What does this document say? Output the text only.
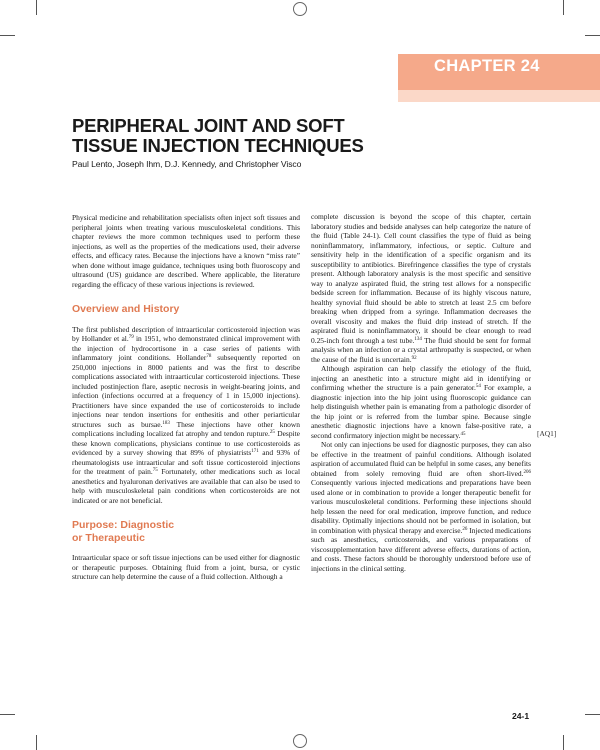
CHAPTER 24
PERIPHERAL JOINT AND SOFT
TISSUE INJECTION TECHNIQUES
Paul Lento, Joseph Ihm, D.J. Kennedy, and Christopher Visco

Physical medicine and rehabilitation specialists often inject soft tissues and peripheral joints when treating various musculoskeletal conditions. This chapter reviews the more common techniques used to perform these injections, as well as the properties of the medications used, their adverse effects, and efficacy rates. Because the injections have a known “miss rate” when done without image guidance, techniques using both fluoroscopy and ultrasound (US) guidance are described. Where applicable, the literature regarding the efficacy of these various injections is reviewed.

Overview and History

The first published description of intraarticular corticosteroid injection was by Hollander et al.$^{79}$ in 1951, who demonstrated clinical improvement with the injection of hydrocortisone in a case series of patients with inflammatory joint conditions. Hollander$^{78}$ subsequently reported on 250,000 injections in 8000 patients and was the first to describe complications associated with intraarticular corticosteroid injections. These included postinjection flare, aseptic necrosis in weight-bearing joints, and infection (infections occurred at a frequency of 1 in 15,000 injections). Practitioners have since expanded the use of corticosteroids to include injections near tendon insertions for enthesitis and other periarticular structures such as bursae.$^{183}$ These injections have other known complications including localized fat atrophy and tendon rupture.$^{25}$ Despite these known complications, physicians continue to use corticosteroids as evidenced by a survey showing that 89% of physiatrists$^{171}$ and 93% of rheumatologists use intraarticular and soft tissue corticosteroid injections for the treatment of pain.$^{75}$ Fortunately, other medications such as local anesthetics and hyaluronan derivatives are available that can also be used to help with musculoskeletal pain conditions when corticosteroids are not indicated or are not beneficial.

Purpose: Diagnostic
or Therapeutic

Intraarticular space or soft tissue injections can be used either for diagnostic or therapeutic purposes. Obtaining fluid from a joint, bursa, or cystic structure can help determine the cause of a fluid collection. Although a

complete discussion is beyond the scope of this chapter, certain laboratory studies and bedside analyses can help categorize the nature of the fluid (Table 24-1). Cell count classifies the type of fluid as being noninflammatory, inflammatory, infectious, or septic. Culture and sensitivity help in the identification of a specific organism and its susceptibility to antibiotics. Birefringence classifies the type of crystals present. Although laboratory analysis is the most specific and sensitive way to analyze aspirated fluid, the string test allows for a nonspecific bedside screen for inflammation. Because of its highly viscous nature, healthy synovial fluid should be able to stretch at least 2.5 cm before breaking when dripped from a syringe. Inflammation decreases the overall viscosity and makes the fluid drip instead of stretch. If the aspirated fluid is noninflammatory, it should be clear enough to read 0.25-inch font through a test tube.$^{134}$ The fluid should be sent for formal analysis when an infection or a crystal arthropathy is suspected, or when the cause of the fluid is uncertain.$^{92}$

Although aspiration can help classify the etiology of the fluid, injecting an anesthetic into a structure might aid in identifying or confirming whether the structure is a pain generator.$^{54}$ For example, a diagnostic injection into the hip joint using fluoroscopic guidance can help distinguish whether pain is emanating from a pathologic disorder of the hip joint or is referred from the lumbar spine. Because single anesthetic diagnostic injections have a known false-positive rate, a second confirmatory injection might be necessary.$^{45}$

Not only can injections be used for diagnostic purposes, they can also be effective in the treatment of painful conditions. Although isolated aspiration of accumulated fluid can be helpful in some cases, any benefits obtained from solely removing fluid are often short-lived.$^{206}$ Consequently various injected medications and preparations have been used alone or in combination to provide a longer therapeutic benefit for various musculoskeletal conditions. Performing these injections should help lessen the need for oral medication, improve function, and reduce disability. Optimally injections should not be performed in isolation, but in combination with physical therapy and exercise.$^{26}$ Injected medications such as anesthetics, corticosteroids, and various preparations of viscosupplementation have different adverse effects, durations of action, and costs. These factors should be thoroughly understood before use of injections in the clinical setting.

[AQ1]
24-1
